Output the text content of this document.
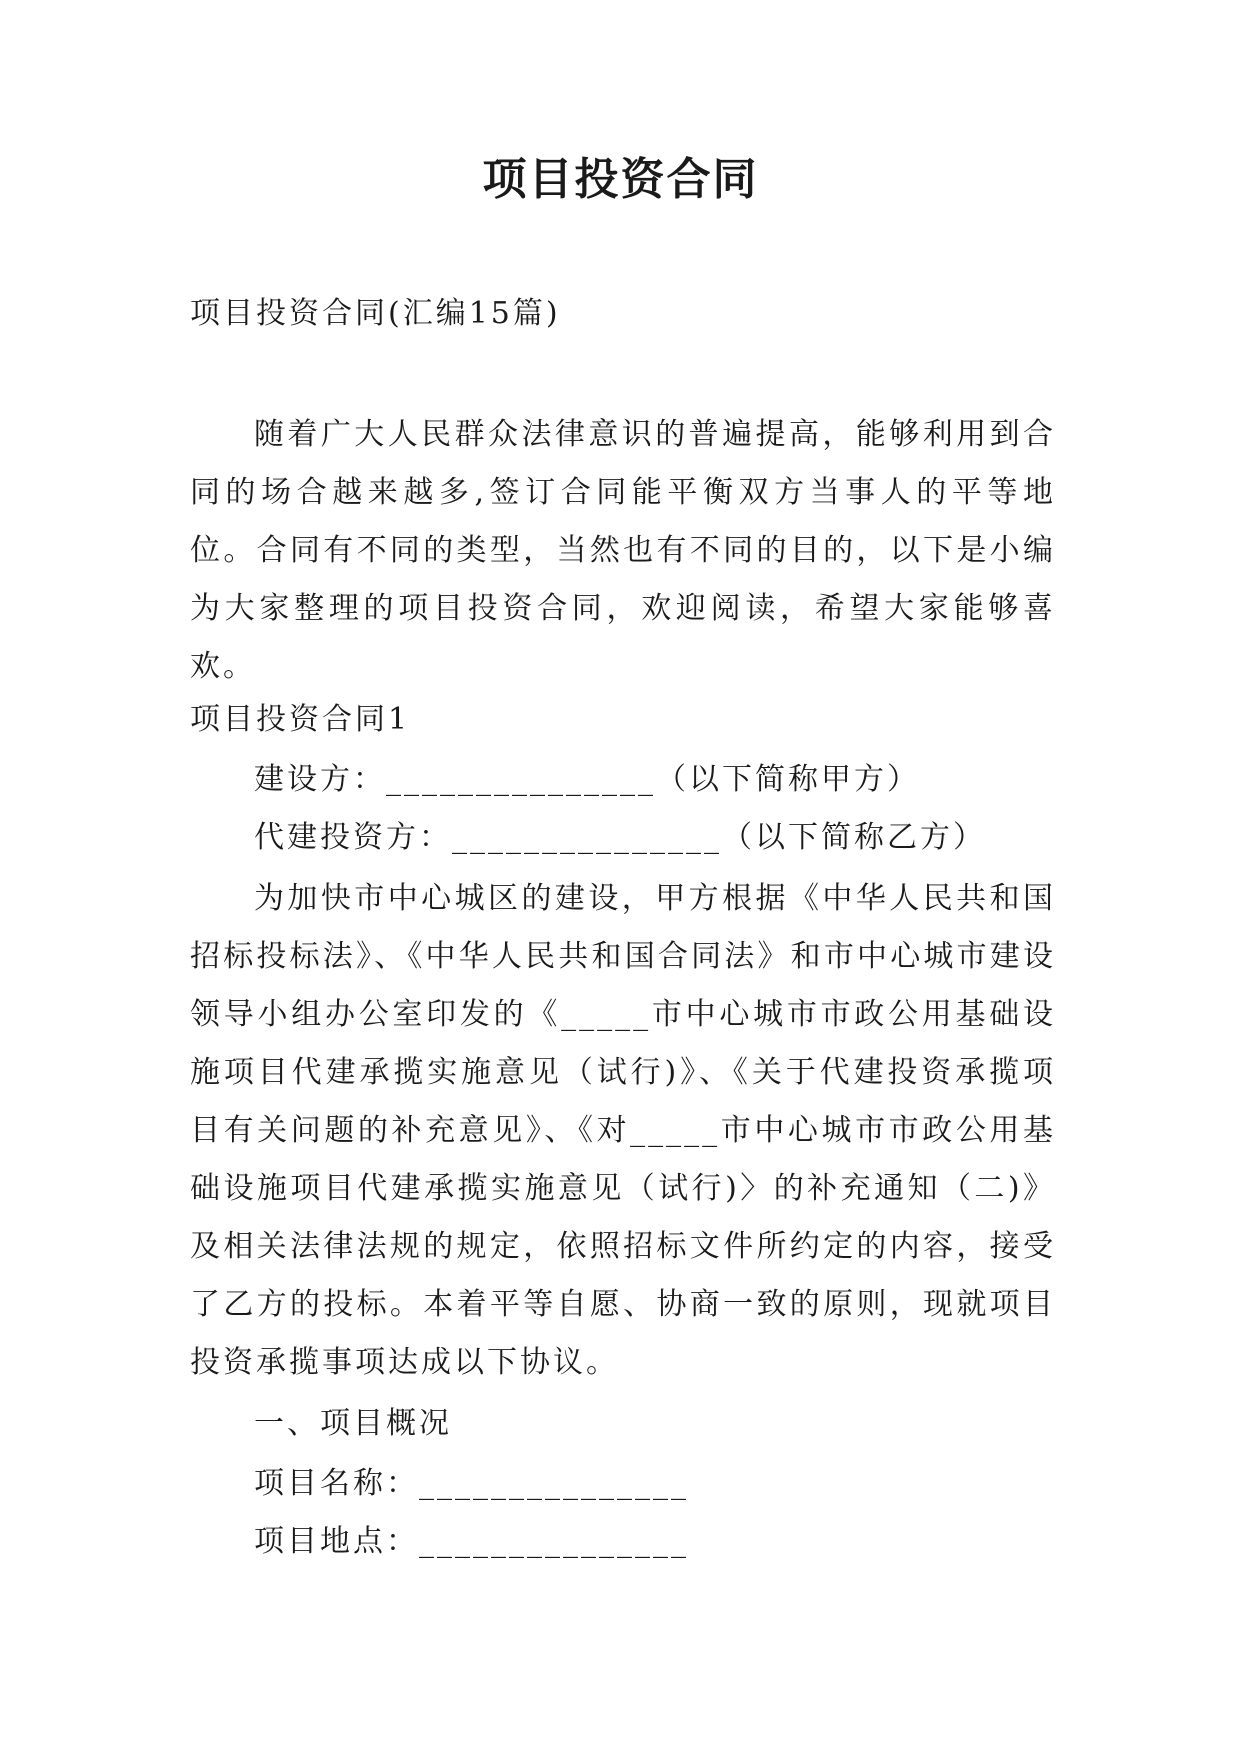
项目投资合同
项目投资合同(汇编15篇)

随着广大人民群众法律意识的普遍提高，能够利用到合同的场合越来越多,签订合同能平衡双方当事人的平等地位。合同有不同的类型，当然也有不同的目的，以下是小编为大家整理的项目投资合同，欢迎阅读，希望大家能够喜欢。

项目投资合同1
建设方：_______________（以下简称甲方）
代建投资方：_______________（以下简称乙方）

为加快市中心城区的建设，甲方根据《中华人民共和国招标投标法》、《中华人民共和国合同法》和市中心城市建设领导小组办公室印发的《_____市中心城市市政公用基础设施项目代建承揽实施意见（试行)》、《关于代建投资承揽项目有关问题的补充意见》、《对_____市中心城市市政公用基础设施项目代建承揽实施意见（试行)〉的补充通知（二)》及相关法律法规的规定，依照招标文件所约定的内容，接受了乙方的投标。本着平等自愿、协商一致的原则，现就项目投资承揽事项达成以下协议。

一、项目概况
项目名称：_______________
项目地点：_______________
